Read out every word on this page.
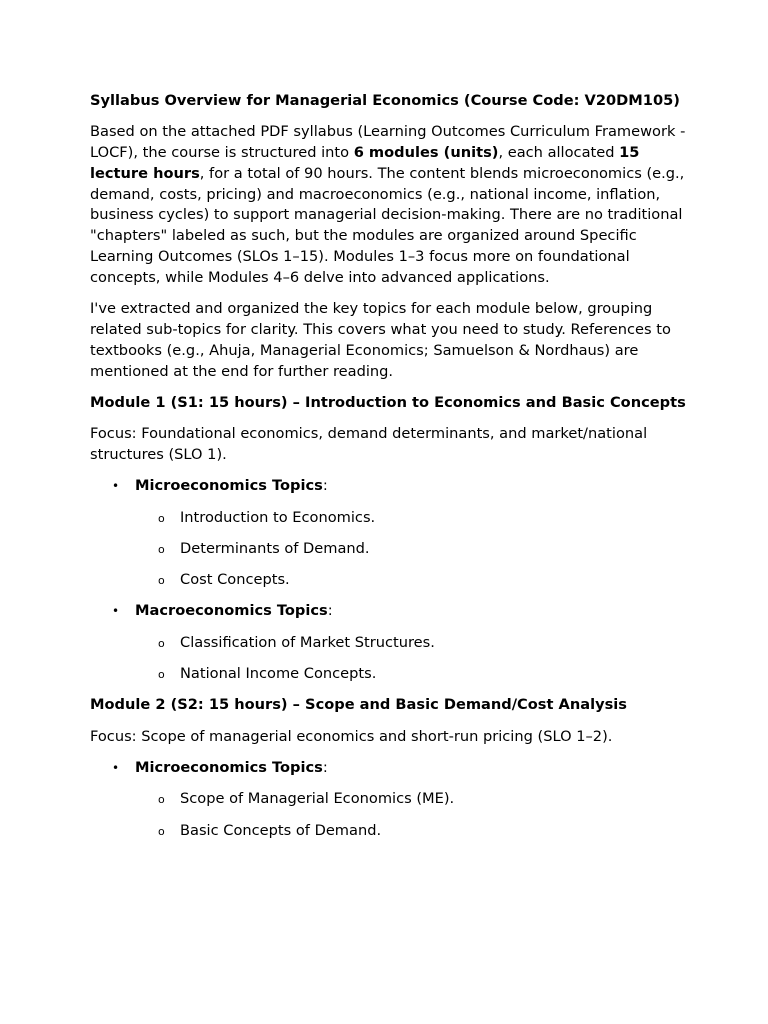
Syllabus Overview for Managerial Economics (Course Code: V20DM105)

Based on the attached PDF syllabus (Learning Outcomes Curriculum Framework - LOCF), the course is structured into 6 modules (units), each allocated 15 lecture hours, for a total of 90 hours. The content blends microeconomics (e.g., demand, costs, pricing) and macroeconomics (e.g., national income, inflation, business cycles) to support managerial decision-making. There are no traditional "chapters" labeled as such, but the modules are organized around Specific Learning Outcomes (SLOs 1–15). Modules 1–3 focus more on foundational concepts, while Modules 4–6 delve into advanced applications.

I've extracted and organized the key topics for each module below, grouping related sub-topics for clarity. This covers what you need to study. References to textbooks (e.g., Ahuja, Managerial Economics; Samuelson & Nordhaus) are mentioned at the end for further reading.

Module 1 (S1: 15 hours) – Introduction to Economics and Basic Concepts

Focus: Foundational economics, demand determinants, and market/national structures (SLO 1).

• Microeconomics Topics:
o Introduction to Economics.
o Determinants of Demand.
o Cost Concepts.
• Macroeconomics Topics:
o Classification of Market Structures.
o National Income Concepts.
Module 2 (S2: 15 hours) – Scope and Basic Demand/Cost Analysis

Focus: Scope of managerial economics and short-run pricing (SLO 1–2).

• Microeconomics Topics:
o Scope of Managerial Economics (ME).
o Basic Concepts of Demand.
